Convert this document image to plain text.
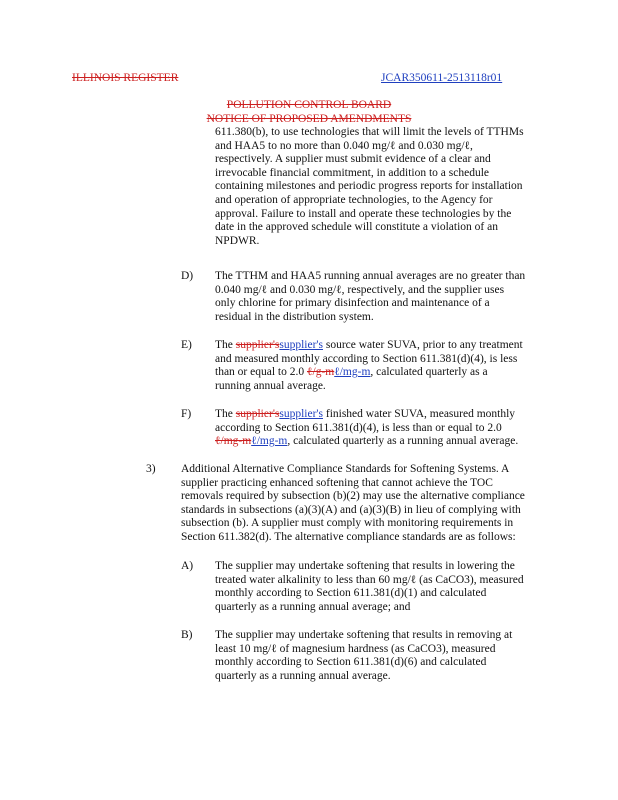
ILLINOIS REGISTER	JCAR350611-2513118r01
POLLUTION CONTROL BOARD
NOTICE OF PROPOSED AMENDMENTS
611.380(b), to use technologies that will limit the levels of TTHMs
and HAA5 to no more than 0.040 mg/ℓ and 0.030 mg/ℓ,
respectively. A supplier must submit evidence of a clear and
irrevocable financial commitment, in addition to a schedule
containing milestones and periodic progress reports for installation
and operation of appropriate technologies, to the Agency for
approval. Failure to install and operate these technologies by the
date in the approved schedule will constitute a violation of an
NPDWR.
D) The TTHM and HAA5 running annual averages are no greater than
0.040 mg/ℓ and 0.030 mg/ℓ, respectively, and the supplier uses
only chlorine for primary disinfection and maintenance of a
residual in the distribution system.
E) The supplier'ssupplier's source water SUVA, prior to any treatment
and measured monthly according to Section 611.381(d)(4), is less
than or equal to 2.0 ℓ/g-mℓ/mg-m, calculated quarterly as a
running annual average.
F) The supplier'ssupplier's finished water SUVA, measured monthly
according to Section 611.381(d)(4), is less than or equal to 2.0
ℓ/mg-mℓ/mg-m, calculated quarterly as a running annual average.
3) Additional Alternative Compliance Standards for Softening Systems. A
supplier practicing enhanced softening that cannot achieve the TOC
removals required by subsection (b)(2) may use the alternative compliance
standards in subsections (a)(3)(A) and (a)(3)(B) in lieu of complying with
subsection (b). A supplier must comply with monitoring requirements in
Section 611.382(d). The alternative compliance standards are as follows:
A) The supplier may undertake softening that results in lowering the
treated water alkalinity to less than 60 mg/ℓ (as CaCO3), measured
monthly according to Section 611.381(d)(1) and calculated
quarterly as a running annual average; and
B) The supplier may undertake softening that results in removing at
least 10 mg/ℓ of magnesium hardness (as CaCO3), measured
monthly according to Section 611.381(d)(6) and calculated
quarterly as a running annual average.
